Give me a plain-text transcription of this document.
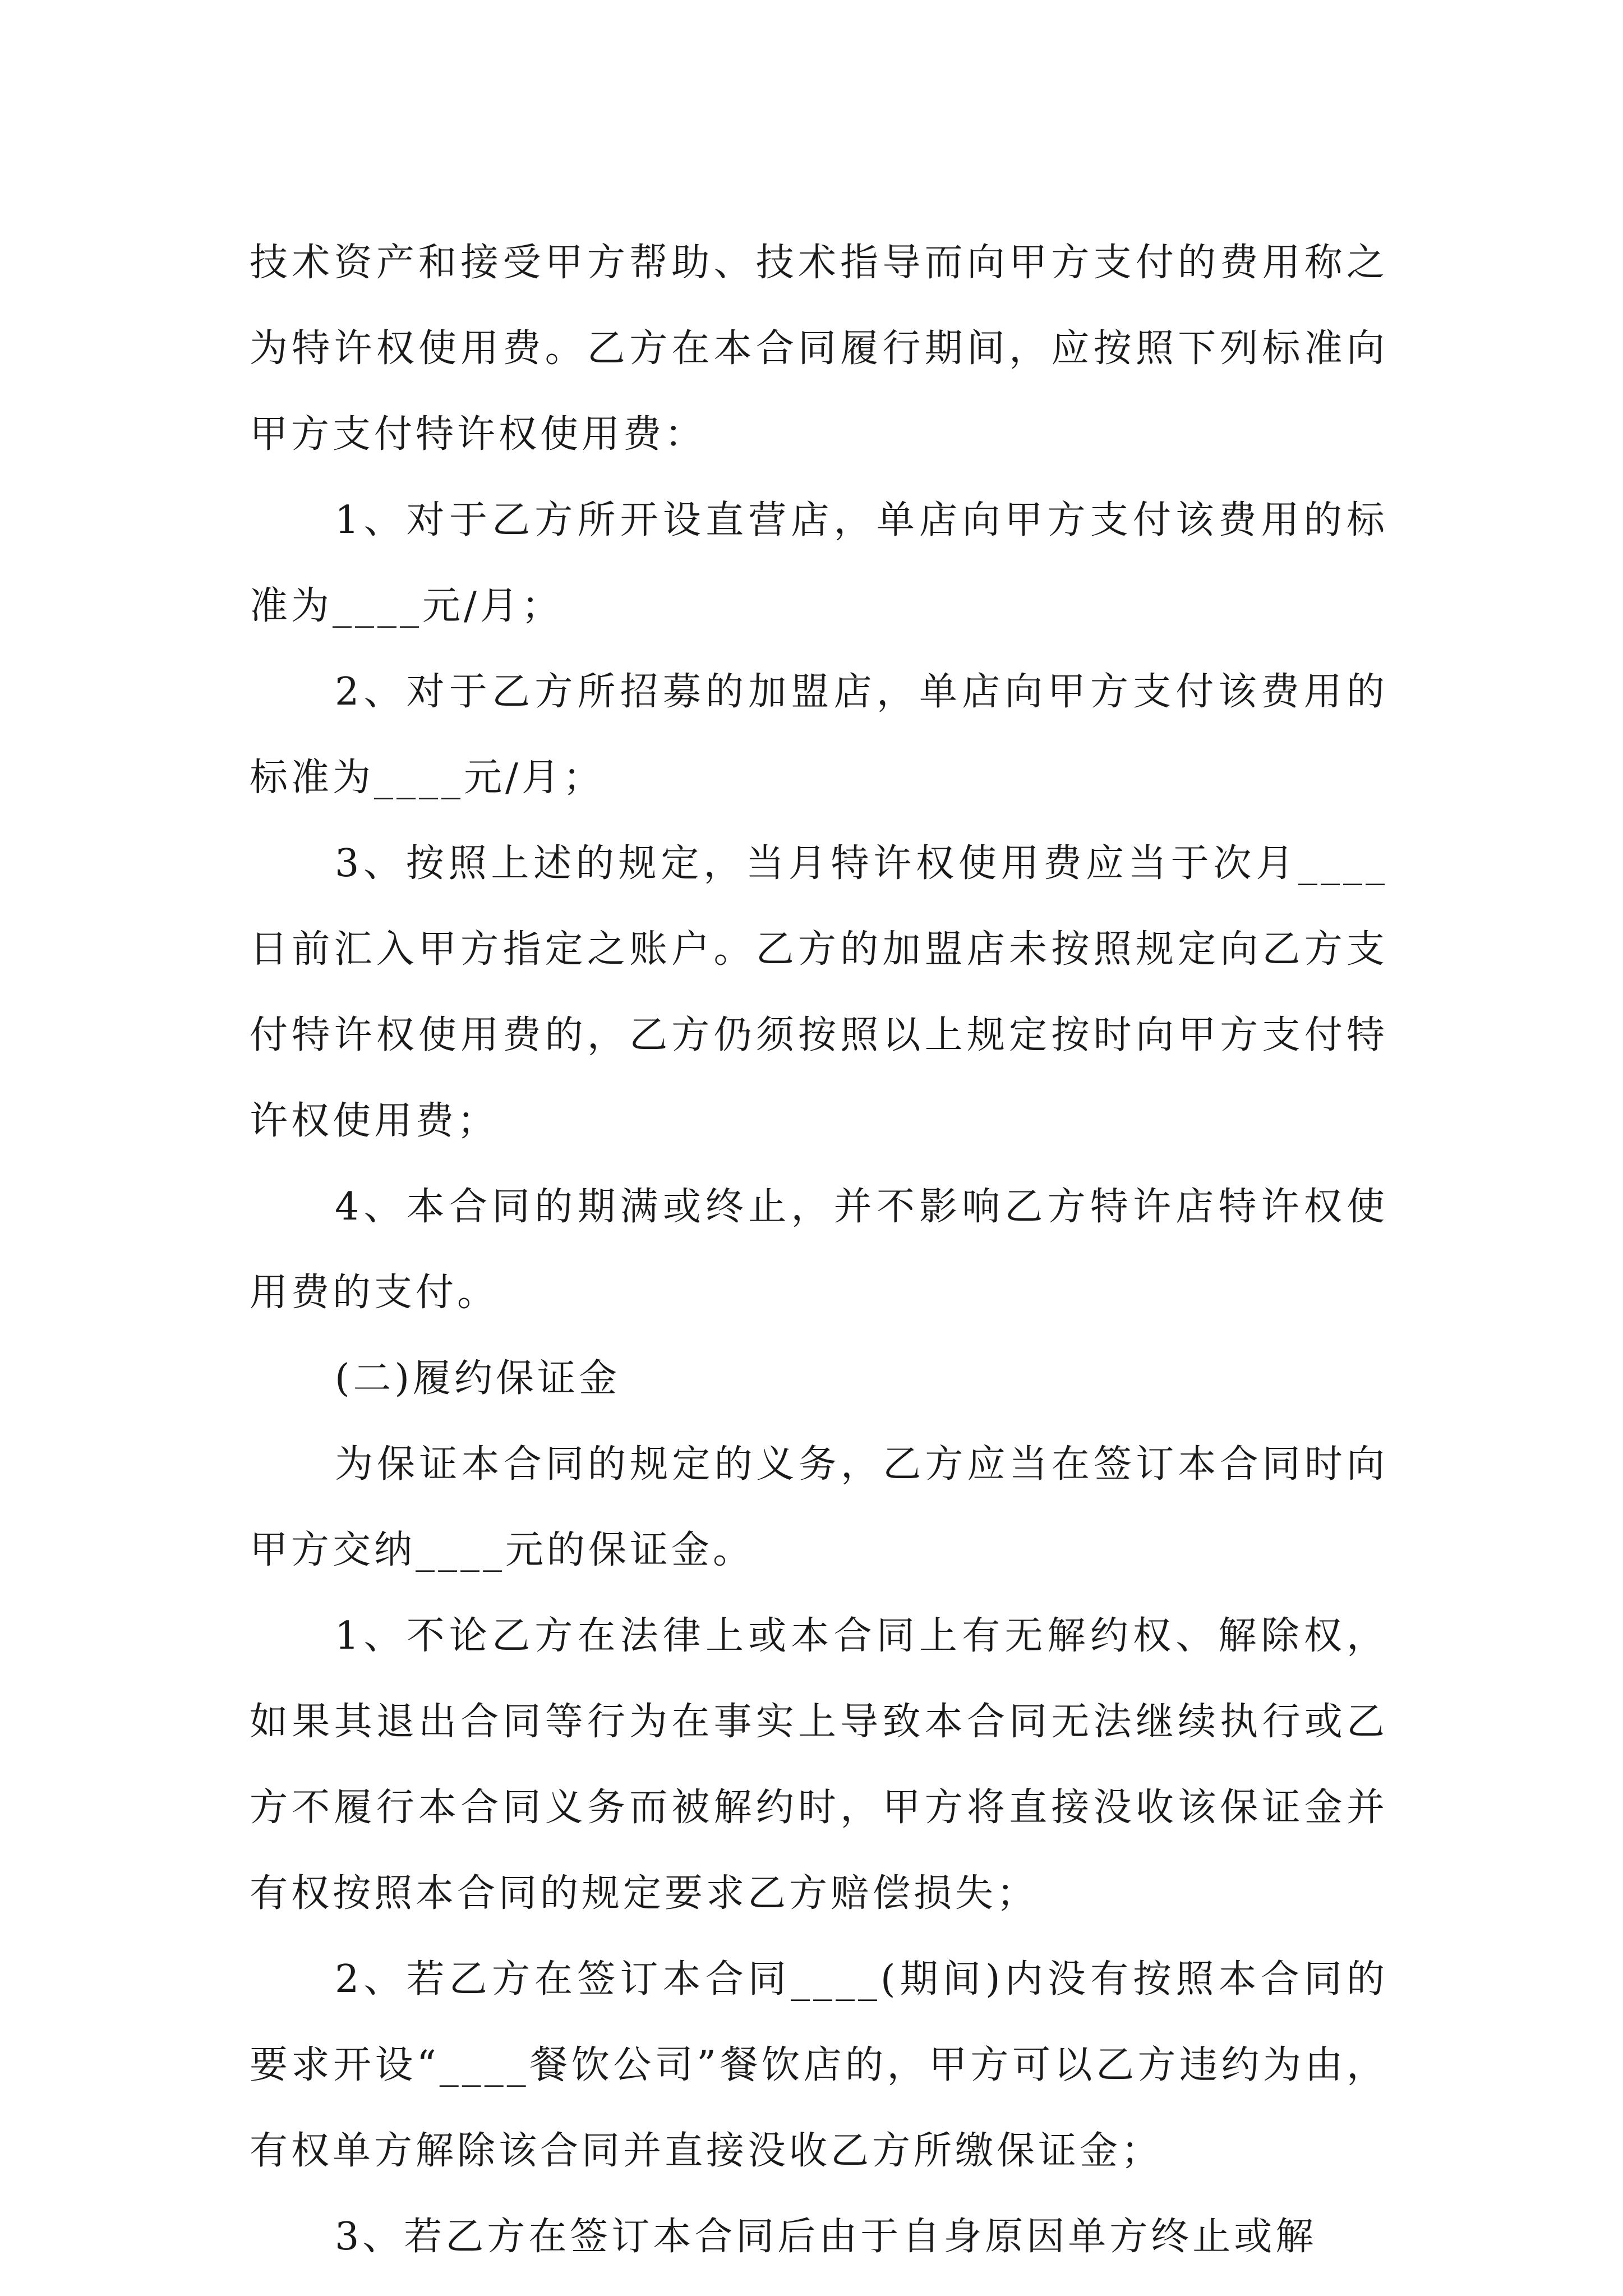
技术资产和接受甲方帮助、技术指导而向甲方支付的费用称之为特许权使用费。乙方在本合同履行期间，应按照下列标准向甲方支付特许权使用费：

1、对于乙方所开设直营店，单店向甲方支付该费用的标准为____元/月；

2、对于乙方所招募的加盟店，单店向甲方支付该费用的标准为____元/月；

3、按照上述的规定，当月特许权使用费应当于次月____日前汇入甲方指定之账户。乙方的加盟店未按照规定向乙方支付特许权使用费的，乙方仍须按照以上规定按时向甲方支付特许权使用费；

4、本合同的期满或终止，并不影响乙方特许店特许权使用费的支付。

(二)履约保证金

为保证本合同的规定的义务，乙方应当在签订本合同时向甲方交纳____元的保证金。

1、不论乙方在法律上或本合同上有无解约权、解除权，如果其退出合同等行为在事实上导致本合同无法继续执行或乙方不履行本合同义务而被解约时，甲方将直接没收该保证金并有权按照本合同的规定要求乙方赔偿损失；

2、若乙方在签订本合同____(期间)内没有按照本合同的要求开设“____餐饮公司”餐饮店的，甲方可以乙方违约为由，有权单方解除该合同并直接没收乙方所缴保证金；

3、若乙方在签订本合同后由于自身原因单方终止或解
